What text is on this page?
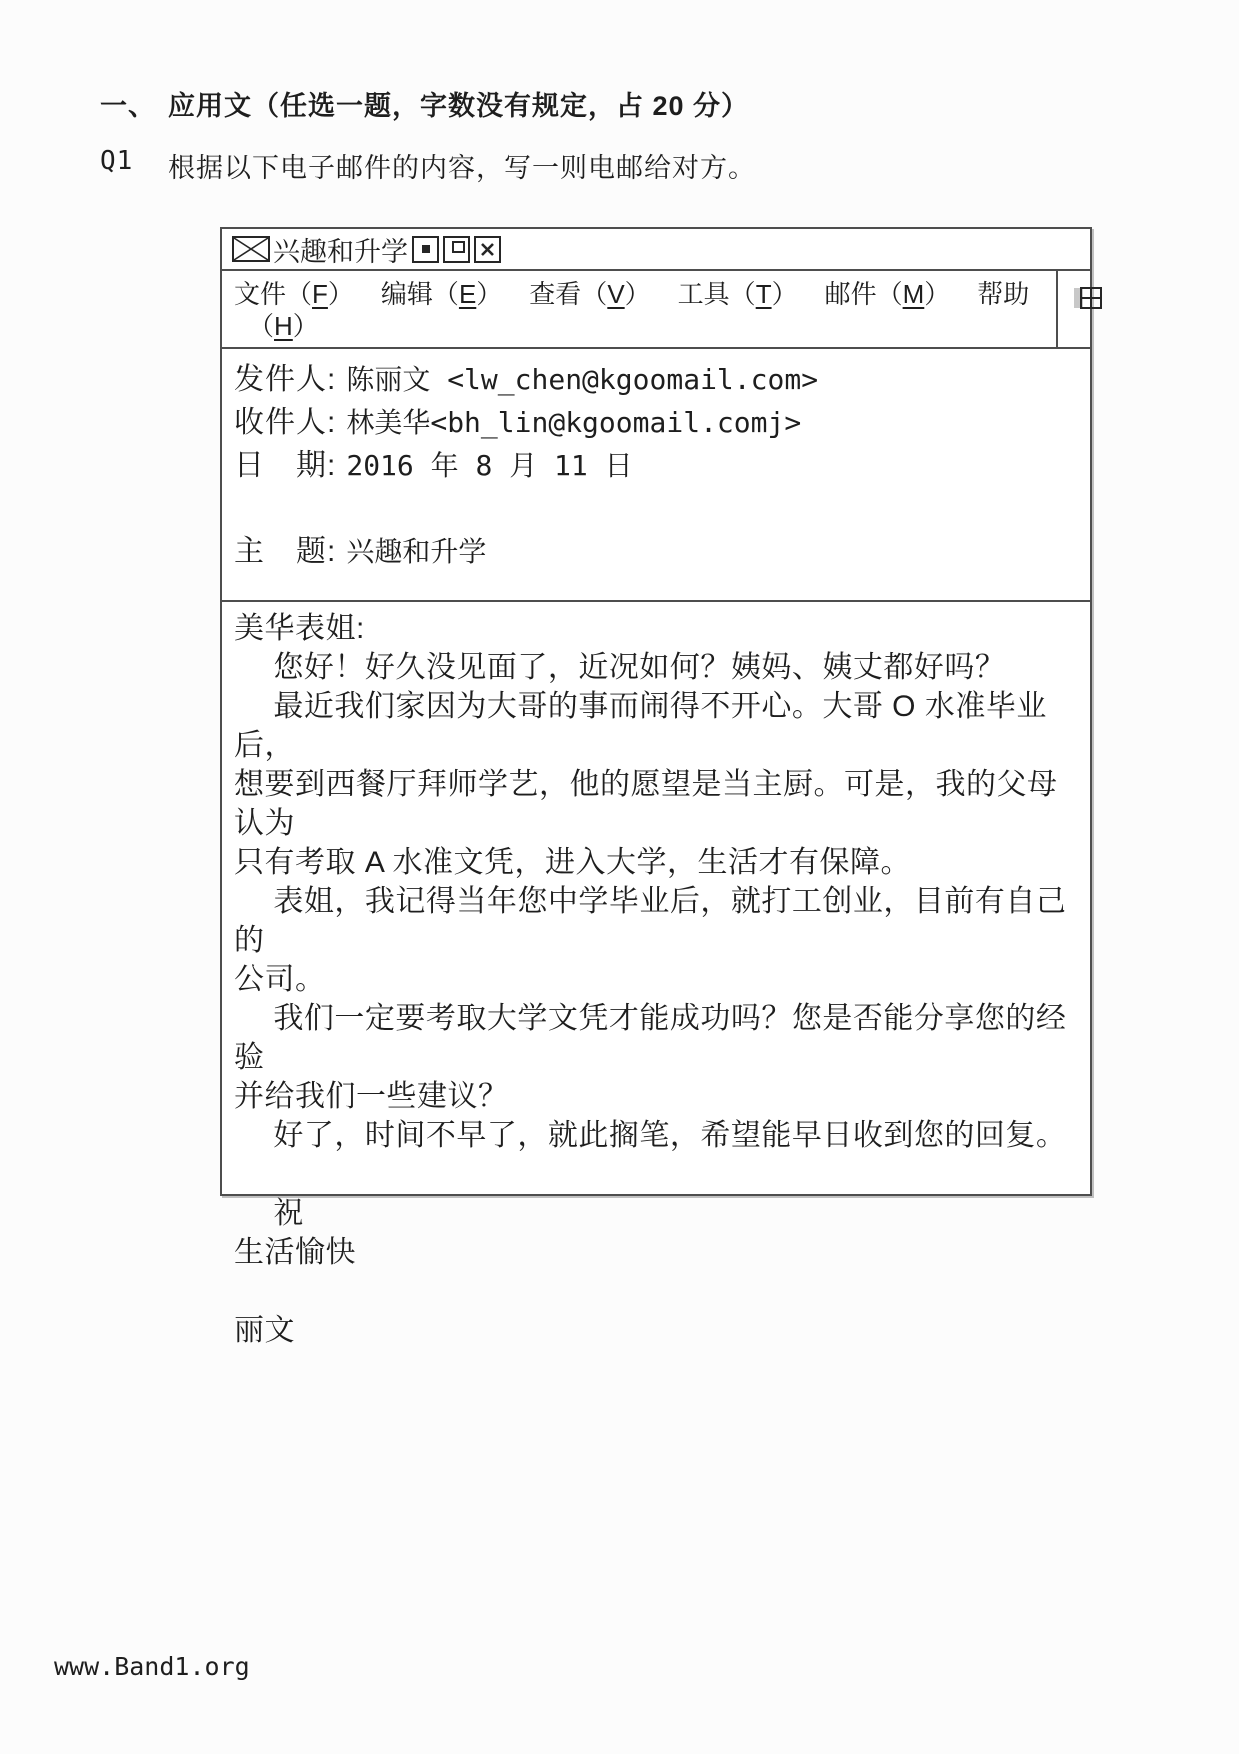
一、 应用文（任选一题，字数没有规定，占 20 分）
Q1	根据以下电子邮件的内容，写一则电邮给对方。
兴趣和升学
文件（F） 编辑（E） 查看（V） 工具（T） 邮件（M） 帮助
（H）
发件人: 陈丽文 <lw_chen@kgoomail.com>
收件人: 林美华<bh_lin@kgoomail.comj>
日　期: 2016 年 8 月 11 日
主　题: 兴趣和升学
美华表姐:
　 您好！好久没见面了，近况如何？姨妈、姨丈都好吗？
　 最近我们家因为大哥的事而闹得不开心。大哥 O 水准毕业后，
想要到西餐厅拜师学艺，他的愿望是当主厨。可是，我的父母认为
只有考取 A 水准文凭，进入大学，生活才有保障。
　 表姐，我记得当年您中学毕业后，就打工创业，目前有自己的
公司。
　 我们一定要考取大学文凭才能成功吗？您是否能分享您的经验
并给我们一些建议？
　 好了，时间不早了，就此搁笔，希望能早日收到您的回复。

　 祝
生活愉快

丽文
www.Band1.org
